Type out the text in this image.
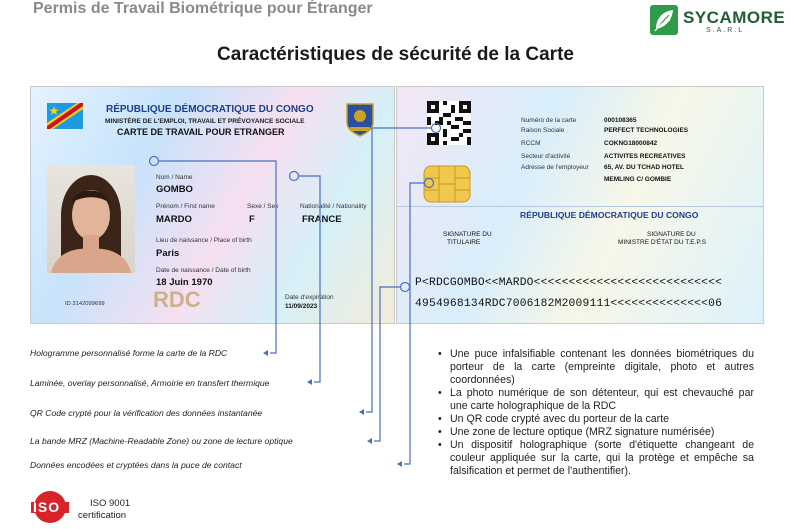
Permis de Travail Biométrique pour Étranger	SYCAMORE
S.A.R.L
Caractéristiques de sécurité de la Carte
RÉPUBLIQUE DÉMOCRATIQUE DU CONGO
MINISTÈRE DE L'EMPLOI, TRAVAIL ET PRÉVOYANCE SOCIALE
CARTE DE TRAVAIL POUR ETRANGER
ID 3142099699
Nom / Name
GOMBO
Prénom / First name
MARDO
Sexe / Sex
F
Nationalité / Nationality
FRANCE
Lieu de naissance / Place of birth
Paris
Date de naissance / Date of birth
18 Juin 1970
RDC	Date d'expiration
11/09/2023
Numéro de la carte	000108365
Raison Sociale	PERFECT TECHNOLOGIES
RCCM	COKNG18000842
Secteur d'activité	ACTIVITES RECREATIVES
Adresse de l'employeur 65, AV. DU TCHAD HOTEL
MEMLING C/ GOMBIE
RÉPUBLIQUE DÉMOCRATIQUE DU CONGO
SIGNATURE DU
TITULAIRE
SIGNATURE DU
MINISTRE D'ÉTAT DU T.E.P.S
P<RDCGOMBO<<MARDO<<<<<<<<<<<<<<<<<<<<<<<<<<<
4954968134RDC7006182M2009111<<<<<<<<<<<<<<06
Hologramme personnalisé forme la carte de la RDC
Laminée, overlay personnalisé, Armoirie en transfert thermique
QR Code crypté pour la vérification des données instantanée
La bande MRZ (Machine-Readable Zone) ou zone de lecture optique
Données encodées et cryptées dans la puce de contact
• Une puce infalsifiable contenant les données biométriques du porteur de la carte (empreinte digitale, photo et autres coordonnées)
• La photo numérique de son détenteur, qui est chevauché par une carte holographique de la RDC
• Un QR code crypté avec du porteur de la carte
• Une zone de lecture optique (MRZ signature numérisée)
• Un dispositif holographique (sorte d'étiquette changeant de couleur appliquée sur la carte, qui la protège et empêche sa falsification et permet de l'authentifier).
ISO	ISO 9001
certification
